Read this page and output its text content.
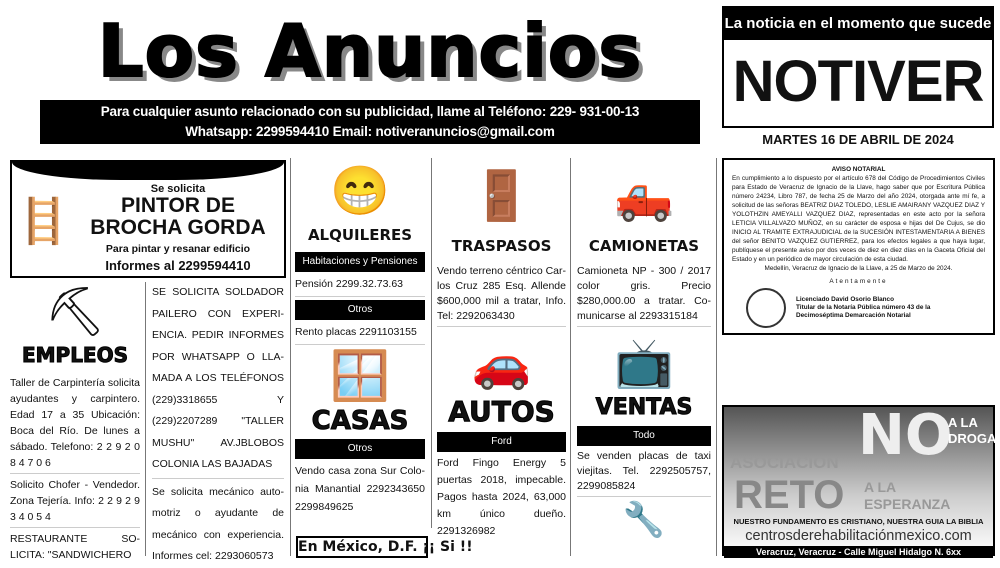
Los Anuncios
Para cualquier asunto relacionado con su publicidad, llame al Teléfono: 229- 931-00-13
Whatsapp: 2299594410 Email: notiveranuncios@gmail.com
La noticia en el momento que sucede
NOTIVER
MARTES 16 DE ABRIL DE 2024
🪜
Se solicita
PINTOR DE
BROCHA GORDA
Para pintar y resanar edificio
Informes al 2299594410
⛏
EMPLEOS
Taller de Carpintería solicita ayudantes y carpintero. Edad 17 a 35 Ubicación: Boca del Río. De lunes a sábado. Telefono: 2 2 9 2 0 8 4 7 0 6
Solicito Chofer - Vendedor. Zona Tejería. Info: 2 2 9 2 9 3 4 0 5 4
RESTAURANTE SO-LICITA: "SANDWICHERO
SE SOLICITA SOLDADOR PAILERO CON EXPERI-ENCIA. PEDIR INFORMES POR WHATSAPP O LLA-MADA A LOS TELÉFONOS (229)3318655 Y (229)2207289 "TALLER MUSHU" AV.JBLOBOS COLONIA LAS BAJADAS
Se solicita mecánico auto-motriz o ayudante de mecánico con experiencia. Informes cel: 2293060573
😁
ALQUILERES
Habitaciones y Pensiones
Pensión 2299.32.73.63
Otros
Rento placas 2291103155
🪟
CASAS
Otros
Vendo casa zona Sur Colo-nia Manantial 2292343650 2299849625
🚪
TRASPASOS
Vendo terreno céntrico Car-los Cruz 285 Esq. Allende $600,000 mil a tratar, Info. Tel: 2292063430
🚗
AUTOS
Ford
Ford Fingo Energy 5 puertas 2018, impecable. Pagos hasta 2024, 63,000 km único dueño. 2291326982
🛻
CAMIONETAS
Camioneta NP - 300 / 2017 color gris. Precio $280,000.00 a tratar. Co-municarse al 2293315184
📺
VENTAS
Todo
Se venden placas de taxi viejitas. Tel. 2292505757, 2299085824
🔧
En México, D.F. ¡¡ Si !!
AVISO NOTARIAL
En cumplimiento a lo dispuesto por el artículo 678 del Código de Procedimientos Civiles para Estado de Veracruz de Ignacio de la Llave, hago saber que por Escritura Pública número 24234, Libro 787, de fecha 25 de Marzo del año 2024, otorgada ante mí fe, a solicitud de las señoras BEATRIZ DIAZ TOLEDO, LESLIE AMAIRANY VAZQUEZ DIAZ Y YOLOTHZIN AMEYALLI VAZQUEZ DIAZ, representadas en este acto por la señora LETICIA VILLALVAZO MUÑOZ, en su carácter de esposa e hijas del De Cujus, se dio INICIO AL TRAMITE EXTRAJUDICIAL de la SUCESIÓN INTESTAMENTARIA A BIENES del señor BENITO VAZQUEZ GUTIERREZ, para los efectos legales a que haya lugar, publíquese el presente aviso por dos veces de diez en diez días en la Gaceta Oficial del Estado y en un periódico de mayor circulación de esta ciudad.
Medellín, Veracruz de Ignacio de la Llave, a 25 de Marzo de 2024.
Atentamente
Licenciado David Osorio Blanco
Titular de la Notaría Pública número 43 de la
Decimoséptima Demarcación Notarial
NO
A LA
DROGA
ASOCIACION
RETO A LA
ESPERANZA
NUESTRO FUNDAMENTO ES CRISTIANO, NUESTRA GUIA LA BIBLIA
centrosderehabilitaciónmexico.com
Veracruz, Veracruz - Calle Miguel Hidalgo N. 6xx
